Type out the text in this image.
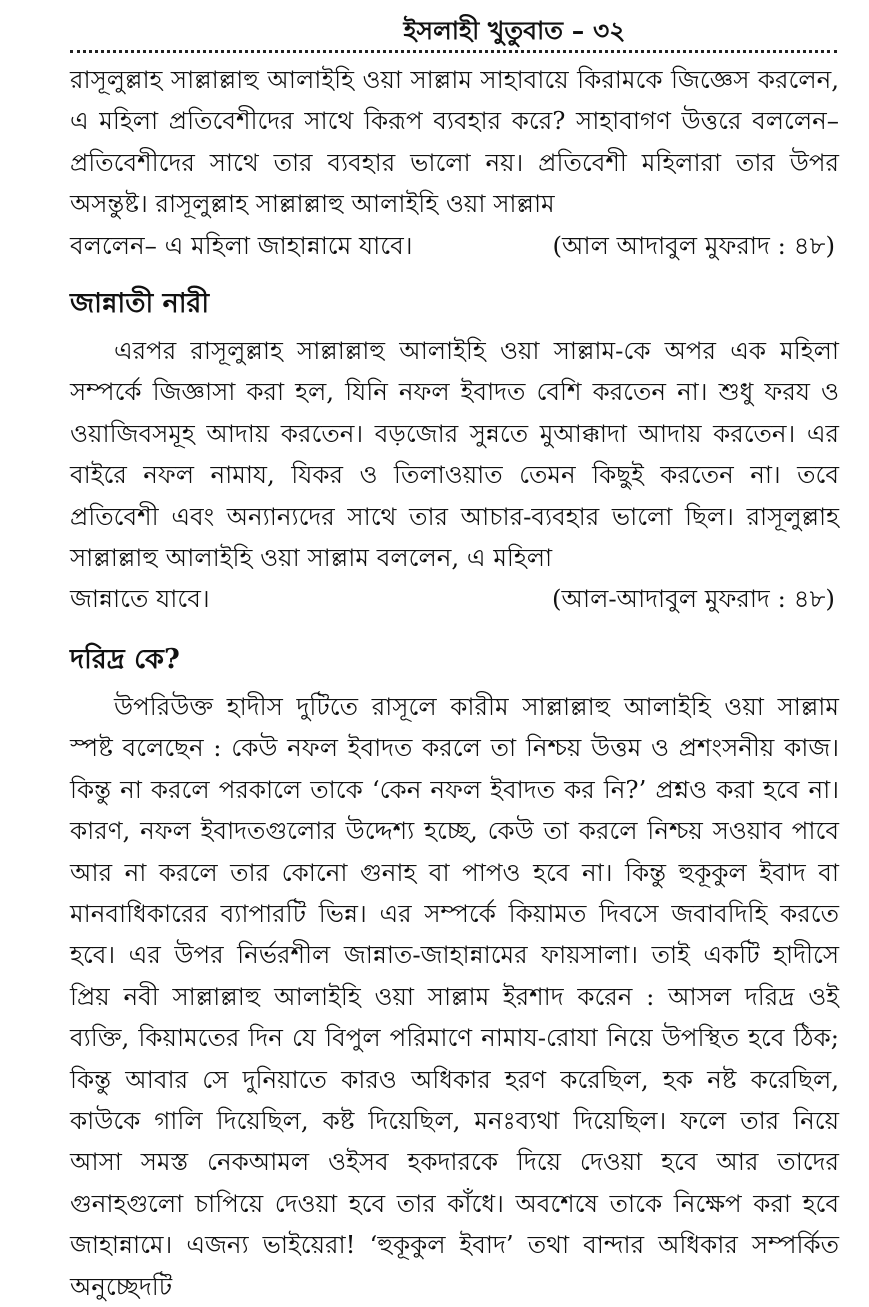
ইসলাহী খুতুবাত – ৩২

রাসূলুল্লাহ সাল্লাল্লাহু আলাইহি ওয়া সাল্লাম সাহাবায়ে কিরামকে জিজ্ঞেস করলেন, এ মহিলা প্রতিবেশীদের সাথে কিরূপ ব্যবহার করে? সাহাবাগণ উত্তরে বললেন– প্রতিবেশীদের সাথে তার ব্যবহার ভালো নয়। প্রতিবেশী মহিলারা তার উপর অসন্তুষ্ট। রাসূলুল্লাহ সাল্লাল্লাহু আলাইহি ওয়া সাল্লাম

বললেন– এ মহিলা জাহান্নামে যাবে।	(আল আদাবুল মুফরাদ : ৪৮)
জান্নাতী নারী

এরপর রাসূলুল্লাহ সাল্লাল্লাহু আলাইহি ওয়া সাল্লাম-কে অপর এক মহিলা সম্পর্কে জিজ্ঞাসা করা হল, যিনি নফল ইবাদত বেশি করতেন না। শুধু ফরয ও ওয়াজিবসমূহ আদায় করতেন। বড়জোর সুন্নতে মুআক্কাদা আদায় করতেন। এর বাইরে নফল নামায, যিকর ও তিলাওয়াত তেমন কিছুই করতেন না। তবে প্রতিবেশী এবং অন্যান্যদের সাথে তার আচার-ব্যবহার ভালো ছিল। রাসূলুল্লাহ সাল্লাল্লাহু আলাইহি ওয়া সাল্লাম বললেন, এ মহিলা

জান্নাতে যাবে।	(আল-আদাবুল মুফরাদ : ৪৮)
দরিদ্র কে?

উপরিউক্ত হাদীস দুটিতে রাসূলে কারীম সাল্লাল্লাহু আলাইহি ওয়া সাল্লাম স্পষ্ট বলেছেন : কেউ নফল ইবাদত করলে তা নিশ্চয় উত্তম ও প্রশংসনীয় কাজ। কিন্তু না করলে পরকালে তাকে ‘কেন নফল ইবাদত কর নি?’ প্রশ্নও করা হবে না। কারণ, নফল ইবাদতগুলোর উদ্দেশ্য হচ্ছে, কেউ তা করলে নিশ্চয় সওয়াব পাবে আর না করলে তার কোনো গুনাহ বা পাপও হবে না। কিন্তু হুকূকুল ইবাদ বা মানবাধিকারের ব্যাপারটি ভিন্ন। এর সম্পর্কে কিয়ামত দিবসে জবাবদিহি করতে হবে। এর উপর নির্ভরশীল জান্নাত-জাহান্নামের ফায়সালা। তাই একটি হাদীসে প্রিয় নবী সাল্লাল্লাহু আলাইহি ওয়া সাল্লাম ইরশাদ করেন : আসল দরিদ্র ওই ব্যক্তি, কিয়ামতের দিন যে বিপুল পরিমাণে নামায-রোযা নিয়ে উপস্থিত হবে ঠিক; কিন্তু আবার সে দুনিয়াতে কারও অধিকার হরণ করেছিল, হক নষ্ট করেছিল, কাউকে গালি দিয়েছিল, কষ্ট দিয়েছিল, মনঃব্যথা দিয়েছিল। ফলে তার নিয়ে আসা সমস্ত নেকআমল ওইসব হকদারকে দিয়ে দেওয়া হবে আর তাদের গুনাহগুলো চাপিয়ে দেওয়া হবে তার কাঁধে। অবশেষে তাকে নিক্ষেপ করা হবে জাহান্নামে। এজন্য ভাইয়েরা! ‘হুকূকুল ইবাদ’ তথা বান্দার অধিকার সম্পর্কিত অনুচ্ছেদটি
